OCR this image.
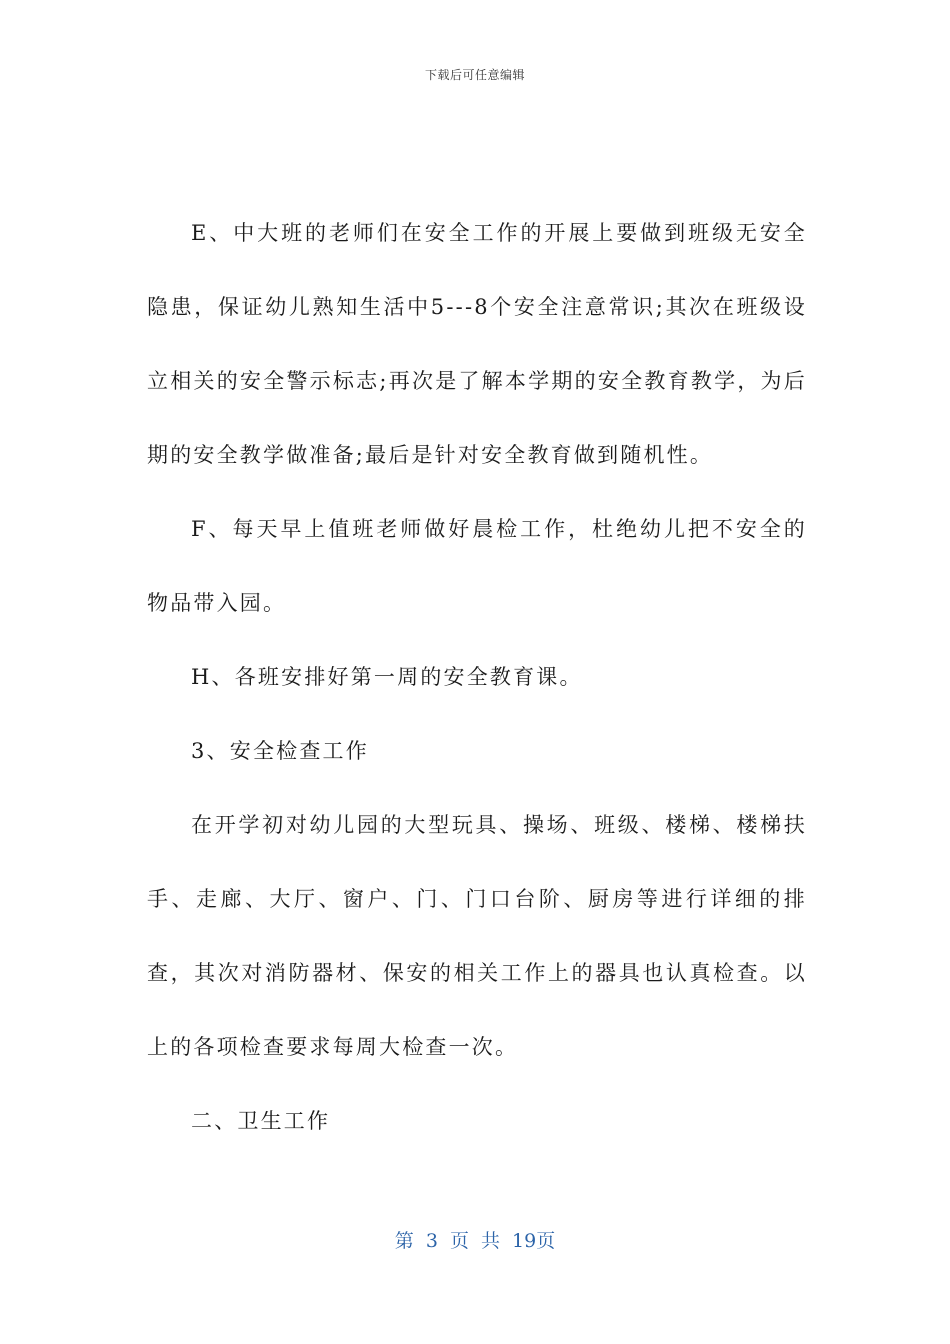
下载后可任意编辑

E、中大班的老师们在安全工作的开展上要做到班级无安全隐患，保证幼儿熟知生活中5---8个安全注意常识;其次在班级设立相关的安全警示标志;再次是了解本学期的安全教育教学，为后期的安全教学做准备;最后是针对安全教育做到随机性。

F、每天早上值班老师做好晨检工作，杜绝幼儿把不安全的物品带入园。

H、各班安排好第一周的安全教育课。

3、安全检查工作

在开学初对幼儿园的大型玩具、操场、班级、楼梯、楼梯扶手、走廊、大厅、窗户、门、门口台阶、厨房等进行详细的排查，其次对消防器材、保安的相关工作上的器具也认真检查。以上的各项检查要求每周大检查一次。

二、卫生工作

第 3 页 共 19页
